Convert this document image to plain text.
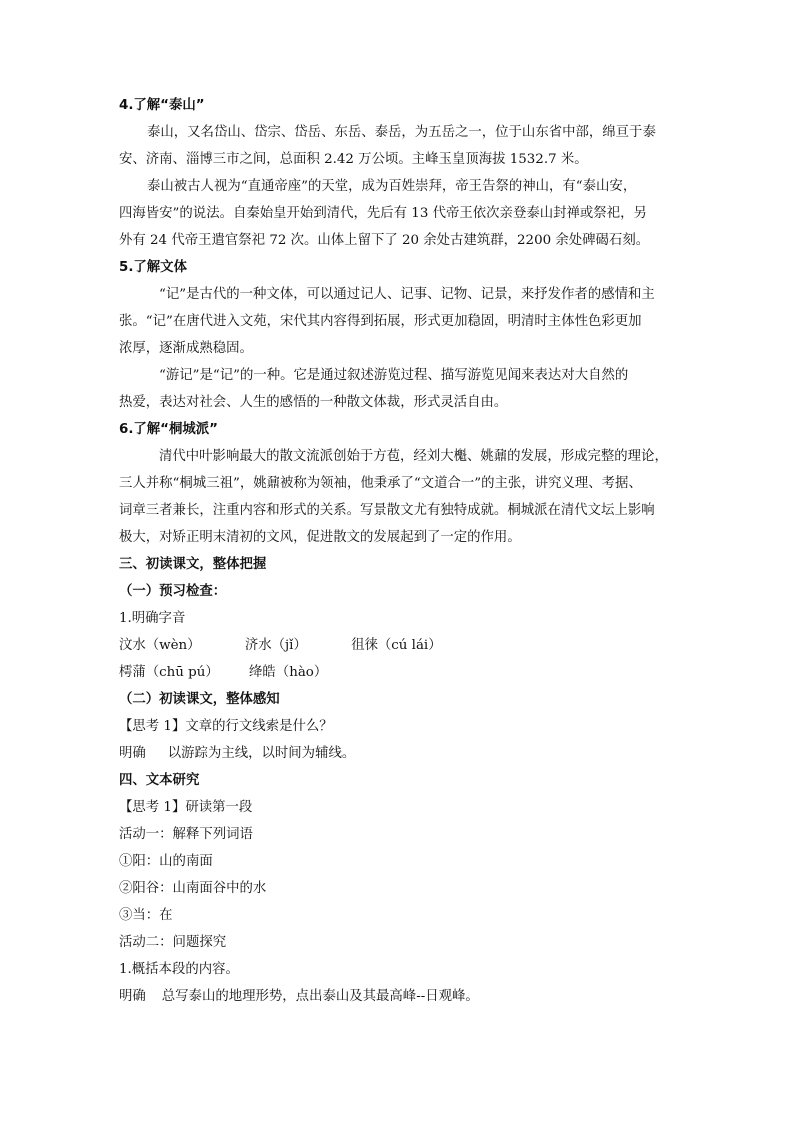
4.了解“泰山”
泰山，又名岱山、岱宗、岱岳、东岳、泰岳，为五岳之一，位于山东省中部，绵亘于泰
安、济南、淄博三市之间，总面积 2.42 万公顷。主峰玉皇顶海拔 1532.7 米。
泰山被古人视为“直通帝座”的天堂，成为百姓崇拜，帝王告祭的神山，有“泰山安，
四海皆安”的说法。自秦始皇开始到清代，先后有 13 代帝王依次亲登泰山封禅或祭祀，另
外有 24 代帝王遣官祭祀 72 次。山体上留下了 20 余处古建筑群，2200 余处碑碣石刻。
5.了解文体
“记”是古代的一种文体，可以通过记人、记事、记物、记景，来抒发作者的感情和主
张。“记”在唐代进入文苑，宋代其内容得到拓展，形式更加稳固，明清时主体性色彩更加
浓厚，逐渐成熟稳固。
“游记”是“记”的一种。它是通过叙述游览过程、描写游览见闻来表达对大自然的
热爱，表达对社会、人生的感悟的一种散文体裁，形式灵活自由。
6.了解“桐城派”
清代中叶影响最大的散文流派创始于方苞，经刘大櫆、姚鼐的发展，形成完整的理论，
三人并称“桐城三祖”，姚鼐被称为领袖，他秉承了“文道合一”的主张，讲究义理、考据、
词章三者兼长，注重内容和形式的关系。写景散文尤有独特成就。桐城派在清代文坛上影响
极大，对矫正明末清初的文风，促进散文的发展起到了一定的作用。
三、初读课文，整体把握
（一）预习检查：
1.明确字音
汶水（wèn）	济水（jǐ）	徂徕（cú lái）
樗蒲（chū pú） 绛皓（hào）
（二）初读课文，整体感知
【思考 1】文章的行文线索是什么？
明确 以游踪为主线，以时间为辅线。
四、文本研究
【思考 1】研读第一段
活动一：解释下列词语
①阳：山的南面
②阳谷：山南面谷中的水
③当：在
活动二：问题探究
1.概括本段的内容。
明确 总写泰山的地理形势，点出泰山及其最高峰--日观峰。
